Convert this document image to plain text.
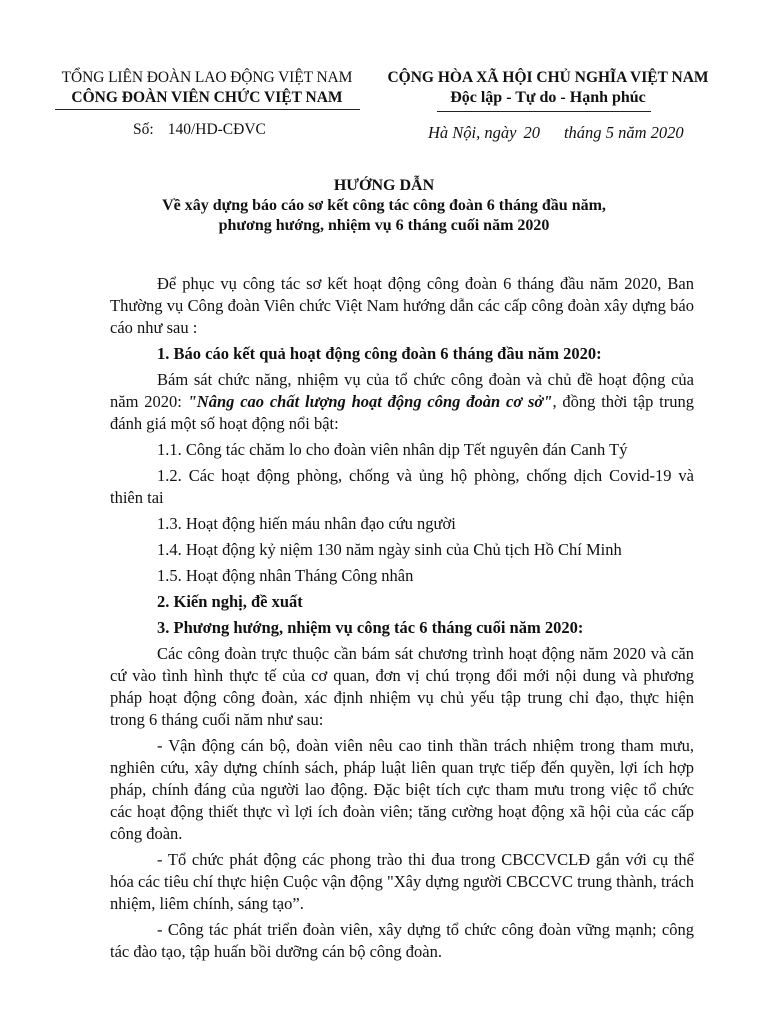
TỔNG LIÊN ĐOÀN LAO ĐỘNG VIỆT NAM
CÔNG ĐOÀN VIÊN CHỨC VIỆT NAM
CỘNG HÒA XÃ HỘI CHỦ NGHĨA VIỆT NAM
Độc lập - Tự do - Hạnh phúc
Số: 140/HD-CĐVC	Hà Nội, ngày 20 tháng 5 năm 2020
HƯỚNG DẪN
Về xây dựng báo cáo sơ kết công tác công đoàn 6 tháng đầu năm,
phương hướng, nhiệm vụ 6 tháng cuối năm 2020

Để phục vụ công tác sơ kết hoạt động công đoàn 6 tháng đầu năm 2020, Ban Thường vụ Công đoàn Viên chức Việt Nam hướng dẫn các cấp công đoàn xây dựng báo cáo như sau :

1. Báo cáo kết quả hoạt động công đoàn 6 tháng đầu năm 2020:

Bám sát chức năng, nhiệm vụ của tổ chức công đoàn và chủ đề hoạt động của năm 2020: "Nâng cao chất lượng hoạt động công đoàn cơ sở", đồng thời tập trung đánh giá một số hoạt động nổi bật:

1.1. Công tác chăm lo cho đoàn viên nhân dịp Tết nguyên đán Canh Tý

1.2. Các hoạt động phòng, chống và ủng hộ phòng, chống dịch Covid-19 và thiên tai

1.3. Hoạt động hiến máu nhân đạo cứu người

1.4. Hoạt động kỷ niệm 130 năm ngày sinh của Chủ tịch Hồ Chí Minh

1.5. Hoạt động nhân Tháng Công nhân

2. Kiến nghị, đề xuất

3. Phương hướng, nhiệm vụ công tác 6 tháng cuối năm 2020:

Các công đoàn trực thuộc cần bám sát chương trình hoạt động năm 2020 và căn cứ vào tình hình thực tế của cơ quan, đơn vị chú trọng đổi mới nội dung và phương pháp hoạt động công đoàn, xác định nhiệm vụ chủ yếu tập trung chỉ đạo, thực hiện trong 6 tháng cuối năm như sau:

- Vận động cán bộ, đoàn viên nêu cao tinh thần trách nhiệm trong tham mưu, nghiên cứu, xây dựng chính sách, pháp luật liên quan trực tiếp đến quyền, lợi ích hợp pháp, chính đáng của người lao động. Đặc biệt tích cực tham mưu trong việc tổ chức các hoạt động thiết thực vì lợi ích đoàn viên; tăng cường hoạt động xã hội của các cấp công đoàn.

- Tổ chức phát động các phong trào thi đua trong CBCCVCLĐ gắn với cụ thể hóa các tiêu chí thực hiện Cuộc vận động "Xây dựng người CBCCVC trung thành, trách nhiệm, liêm chính, sáng tạo”.

- Công tác phát triển đoàn viên, xây dựng tổ chức công đoàn vững mạnh; công tác đào tạo, tập huấn bồi dưỡng cán bộ công đoàn.
